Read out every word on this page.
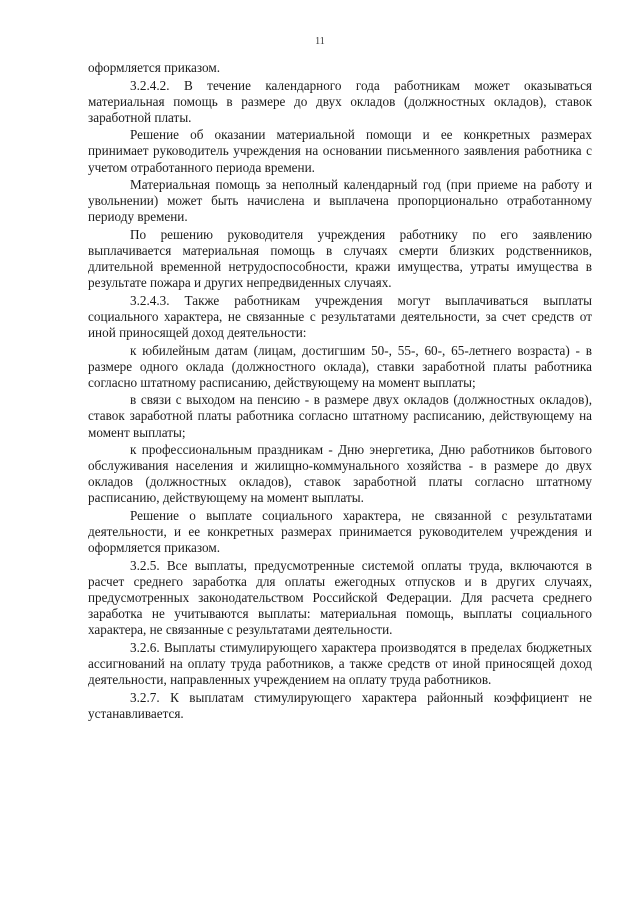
11

оформляется приказом.

3.2.4.2. В течение календарного года работникам может оказываться материальная помощь в размере до двух окладов (должностных окладов), ставок заработной платы.

Решение об оказании материальной помощи и ее конкретных размерах принимает руководитель учреждения на основании письменного заявления работника с учетом отработанного периода времени.

Материальная помощь за неполный календарный год (при приеме на работу и увольнении) может быть начислена и выплачена пропорционально отработанному периоду времени.

По решению руководителя учреждения работнику по его заявлению выплачивается материальная помощь в случаях смерти близких родственников, длительной временной нетрудоспособности, кражи имущества, утраты имущества в результате пожара и других непредвиденных случаях.

3.2.4.3. Также работникам учреждения могут выплачиваться выплаты социального характера, не связанные с результатами деятельности, за счет средств от иной приносящей доход деятельности:

к юбилейным датам (лицам, достигшим 50-, 55-, 60-, 65-летнего возраста) - в размере одного оклада (должностного оклада), ставки заработной платы работника согласно штатному расписанию, действующему на момент выплаты;

в связи с выходом на пенсию - в размере двух окладов (должностных окладов), ставок заработной платы работника согласно штатному расписанию, действующему на момент выплаты;

к профессиональным праздникам - Дню энергетика, Дню работников бытового обслуживания населения и жилищно-коммунального хозяйства - в размере до двух окладов (должностных окладов), ставок заработной платы согласно штатному расписанию, действующему на момент выплаты.

Решение о выплате социального характера, не связанной с результатами деятельности, и ее конкретных размерах принимается руководителем учреждения и оформляется приказом.

3.2.5. Все выплаты, предусмотренные системой оплаты труда, включаются в расчет среднего заработка для оплаты ежегодных отпусков и в других случаях, предусмотренных законодательством Российской Федерации. Для расчета среднего заработка не учитываются выплаты: материальная помощь, выплаты социального характера, не связанные с результатами деятельности.

3.2.6. Выплаты стимулирующего характера производятся в пределах бюджетных ассигнований на оплату труда работников, а также средств от иной приносящей доход деятельности, направленных учреждением на оплату труда работников.

3.2.7. К выплатам стимулирующего характера районный коэффициент не устанавливается.
